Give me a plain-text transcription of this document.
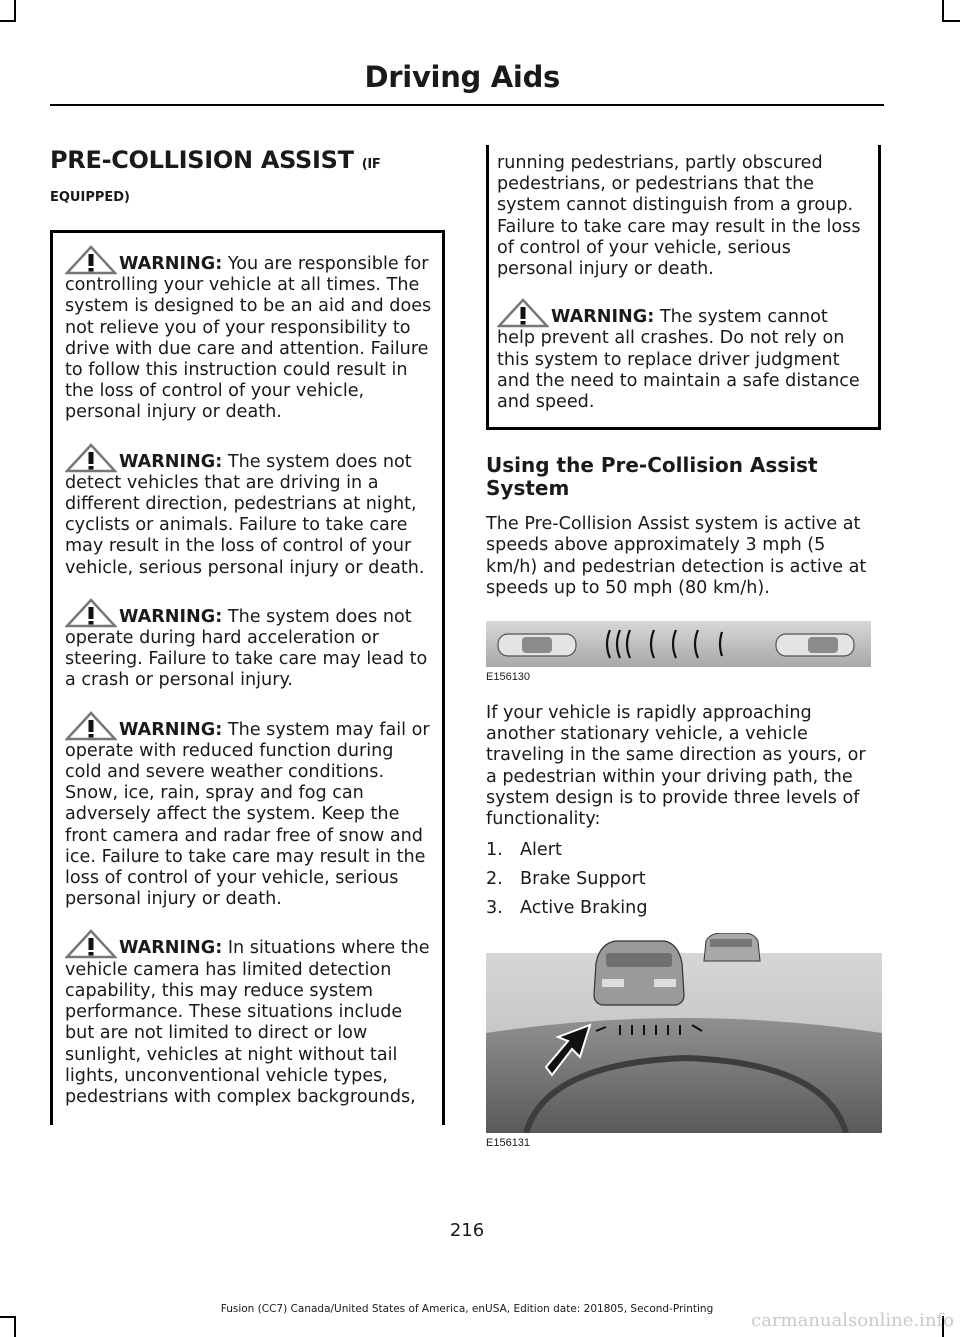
Driving Aids
PRE-COLLISION ASSIST (IF
EQUIPPED)
WARNING: You are responsible for controlling your vehicle at all times. The system is designed to be an aid and does not relieve you of your responsibility to drive with due care and attention. Failure to follow this instruction could result in the loss of control of your vehicle, personal injury or death.
WARNING: The system does not detect vehicles that are driving in a different direction, pedestrians at night, cyclists or animals. Failure to take care may result in the loss of control of your vehicle, serious personal injury or death.
WARNING: The system does not operate during hard acceleration or steering. Failure to take care may lead to a crash or personal injury.
WARNING: The system may fail or operate with reduced function during cold and severe weather conditions. Snow, ice, rain, spray and fog can adversely affect the system. Keep the front camera and radar free of snow and ice. Failure to take care may result in the loss of control of your vehicle, serious personal injury or death.
WARNING: In situations where the vehicle camera has limited detection capability, this may reduce system performance. These situations include but are not limited to direct or low sunlight, vehicles at night without tail lights, unconventional vehicle types, pedestrians with complex backgrounds,
running pedestrians, partly obscured pedestrians, or pedestrians that the system cannot distinguish from a group. Failure to take care may result in the loss of control of your vehicle, serious personal injury or death.
WARNING: The system cannot help prevent all crashes. Do not rely on this system to replace driver judgment and the need to maintain a safe distance and speed.
Using the Pre-Collision Assist System

The Pre-Collision Assist system is active at speeds above approximately 3 mph (5 km/h) and pedestrian detection is active at speeds up to 50 mph (80 km/h).

E156130

If your vehicle is rapidly approaching another stationary vehicle, a vehicle traveling in the same direction as yours, or a pedestrian within your driving path, the system design is to provide three levels of functionality:

1. Alert
2. Brake Support
3. Active Braking
E156131
216
Fusion (CC7) Canada/United States of America, enUSA, Edition date: 201805, Second-Printing
carmanualsonline.info
